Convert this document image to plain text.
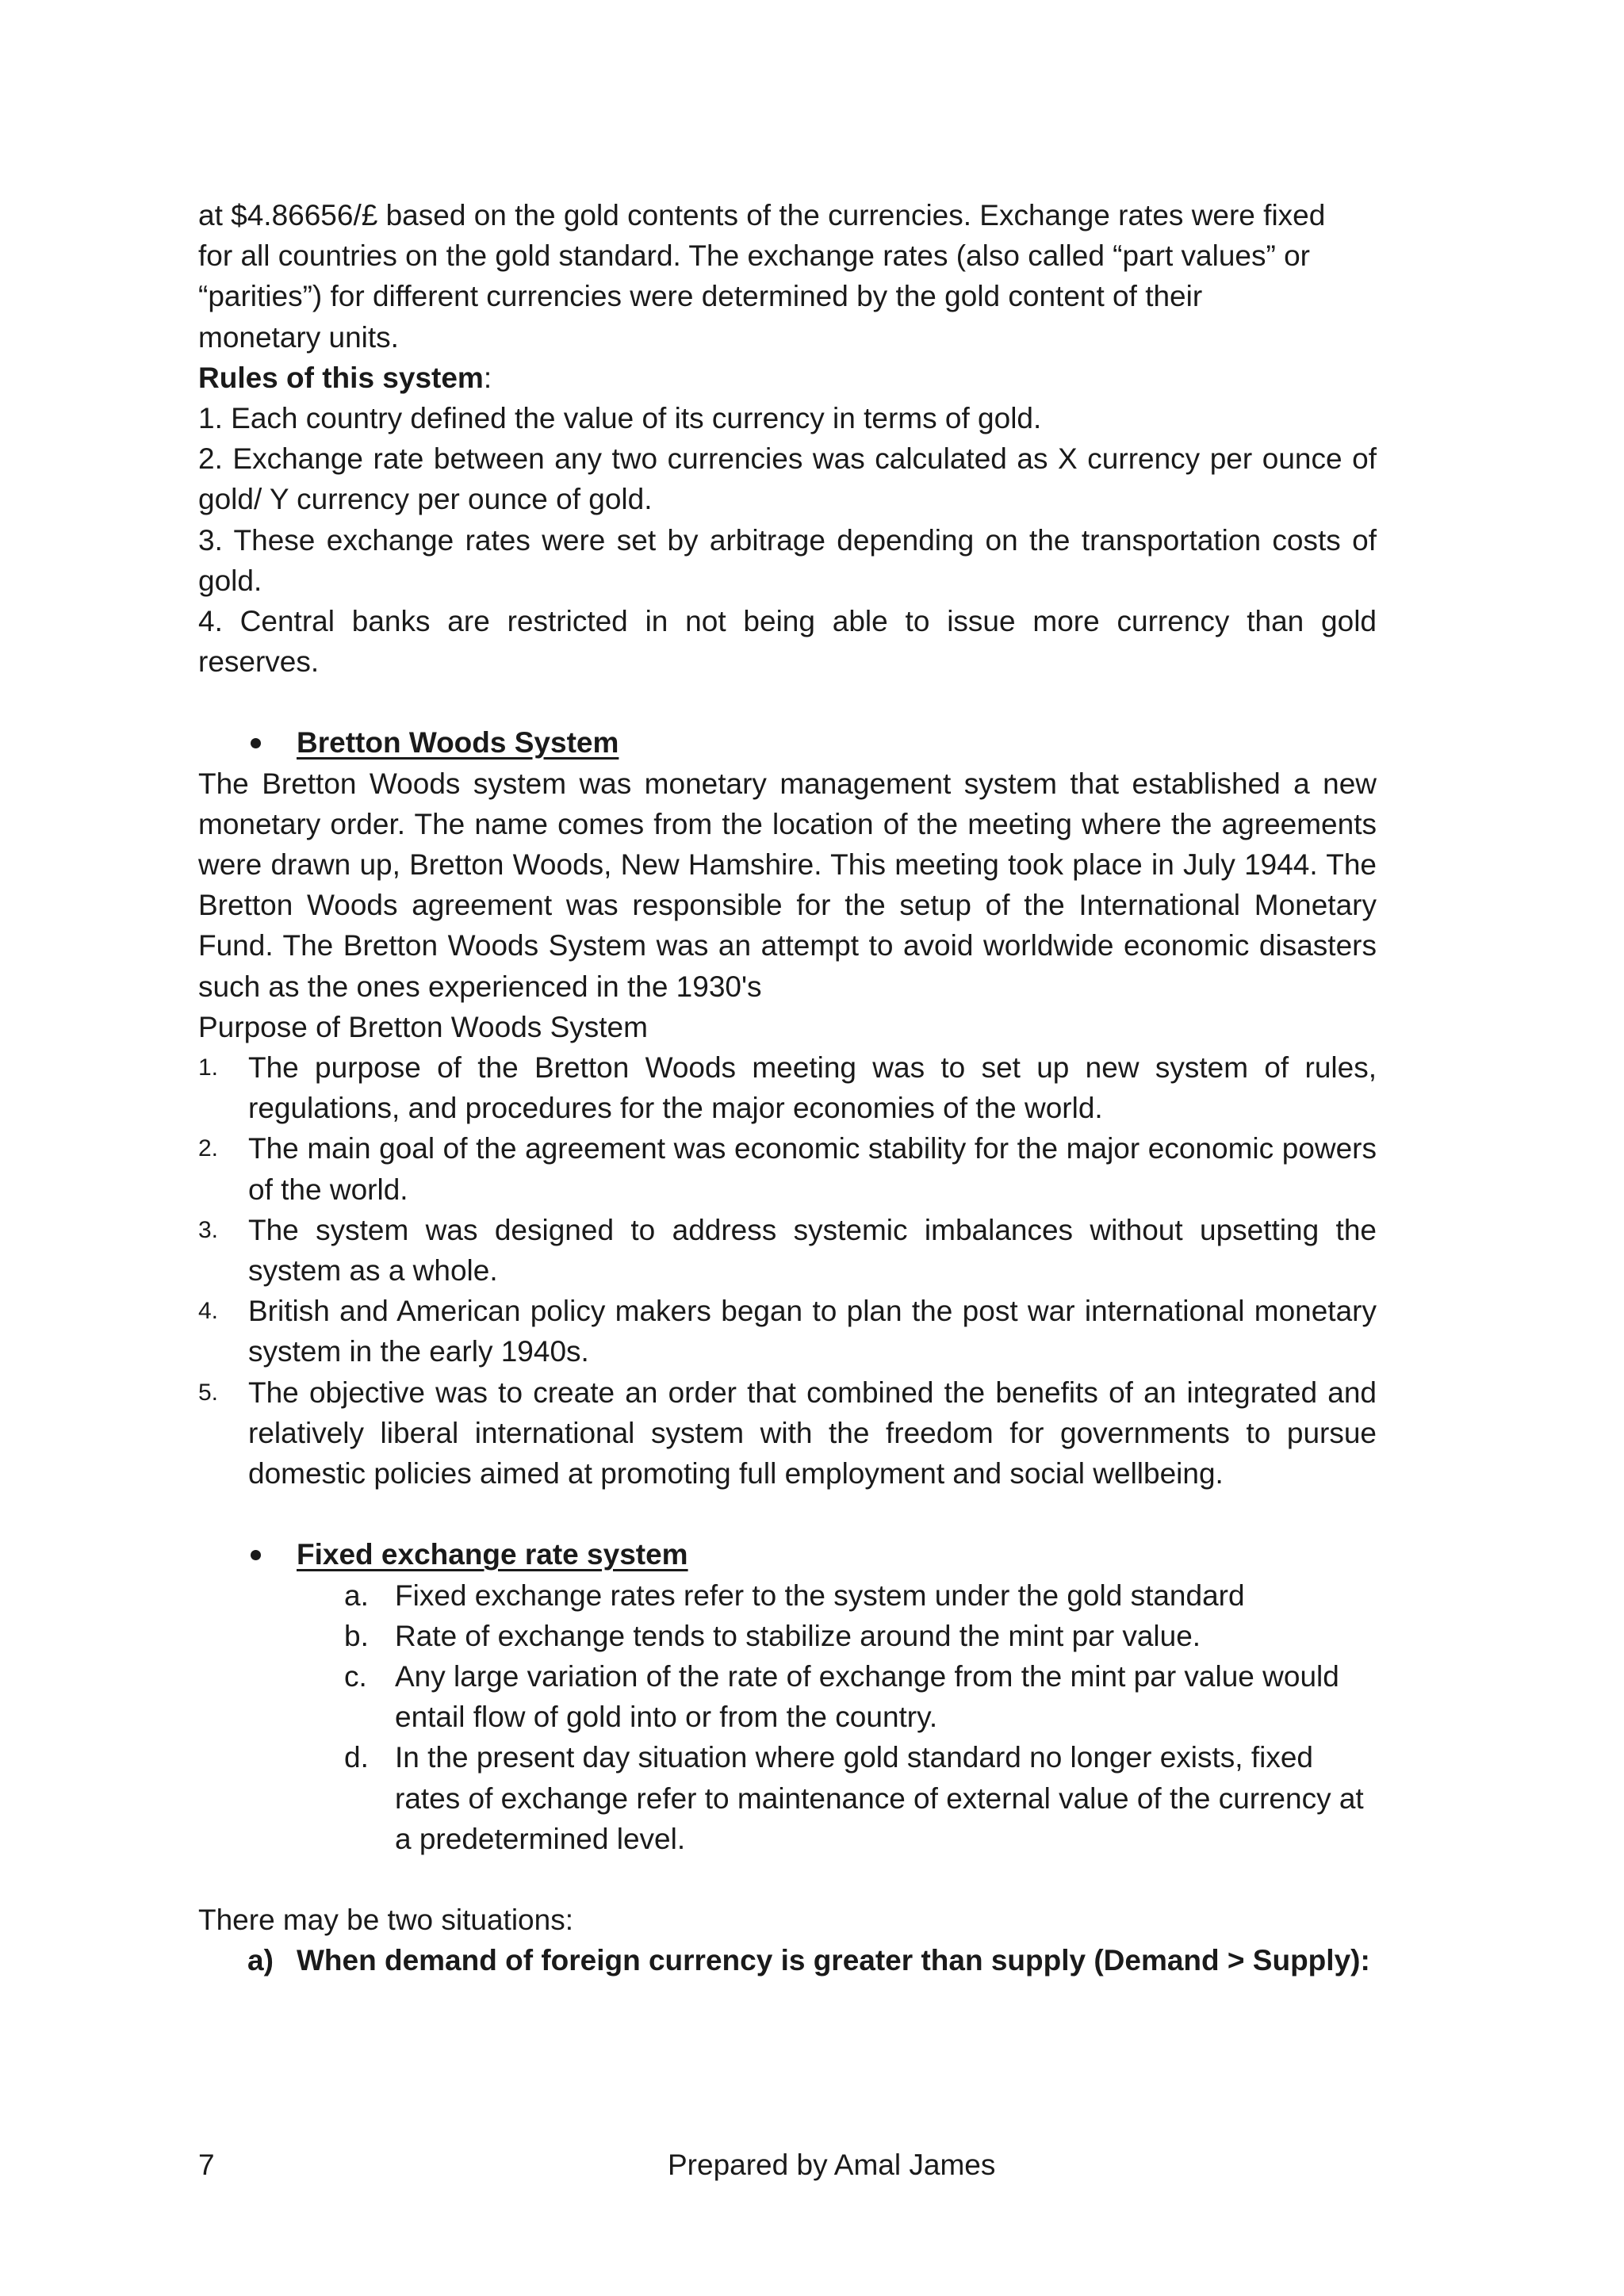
at $4.86656/£ based on the gold contents of the currencies. Exchange rates were fixed

for all countries on the gold standard. The exchange rates (also called “part values” or

“parities”) for different currencies were determined by the gold content of their

monetary units.

Rules of this system:

1. Each country defined the value of its currency in terms of gold.

2. Exchange rate between any two currencies was calculated as X currency per ounce of gold/ Y currency per ounce of gold.

3. These exchange rates were set by arbitrage depending on the transportation costs of gold.

4. Central banks are restricted in not being able to issue more currency than gold reserves.

Bretton Woods System

The Bretton Woods system was monetary management system that established a new monetary order. The name comes from the location of the meeting where the agreements were drawn up, Bretton Woods, New Hamshire. This meeting took place in July 1944. The Bretton Woods agreement was responsible for the setup of the International Monetary Fund. The Bretton Woods System was an attempt to avoid worldwide economic disasters such as the ones experienced in the 1930's

Purpose of Bretton Woods System

1. The purpose of the Bretton Woods meeting was to set up new system of rules, regulations, and procedures for the major economies of the world.
2. The main goal of the agreement was economic stability for the major economic powers of the world.
3. The system was designed to address systemic imbalances without upsetting the system as a whole.
4. British and American policy makers began to plan the post war international monetary system in the early 1940s.
5. The objective was to create an order that combined the benefits of an integrated and relatively liberal international system with the freedom for governments to pursue domestic policies aimed at promoting full employment and social wellbeing.

Fixed exchange rate system

a. Fixed exchange rates refer to the system under the gold standard
b. Rate of exchange tends to stabilize around the mint par value.
c. Any large variation of the rate of exchange from the mint par value would entail flow of gold into or from the country.
d. In the present day situation where gold standard no longer exists, fixed rates of exchange refer to maintenance of external value of the currency at a predetermined level.

There may be two situations:

a) When demand of foreign currency is greater than supply (Demand > Supply):

7	Prepared by Amal James
